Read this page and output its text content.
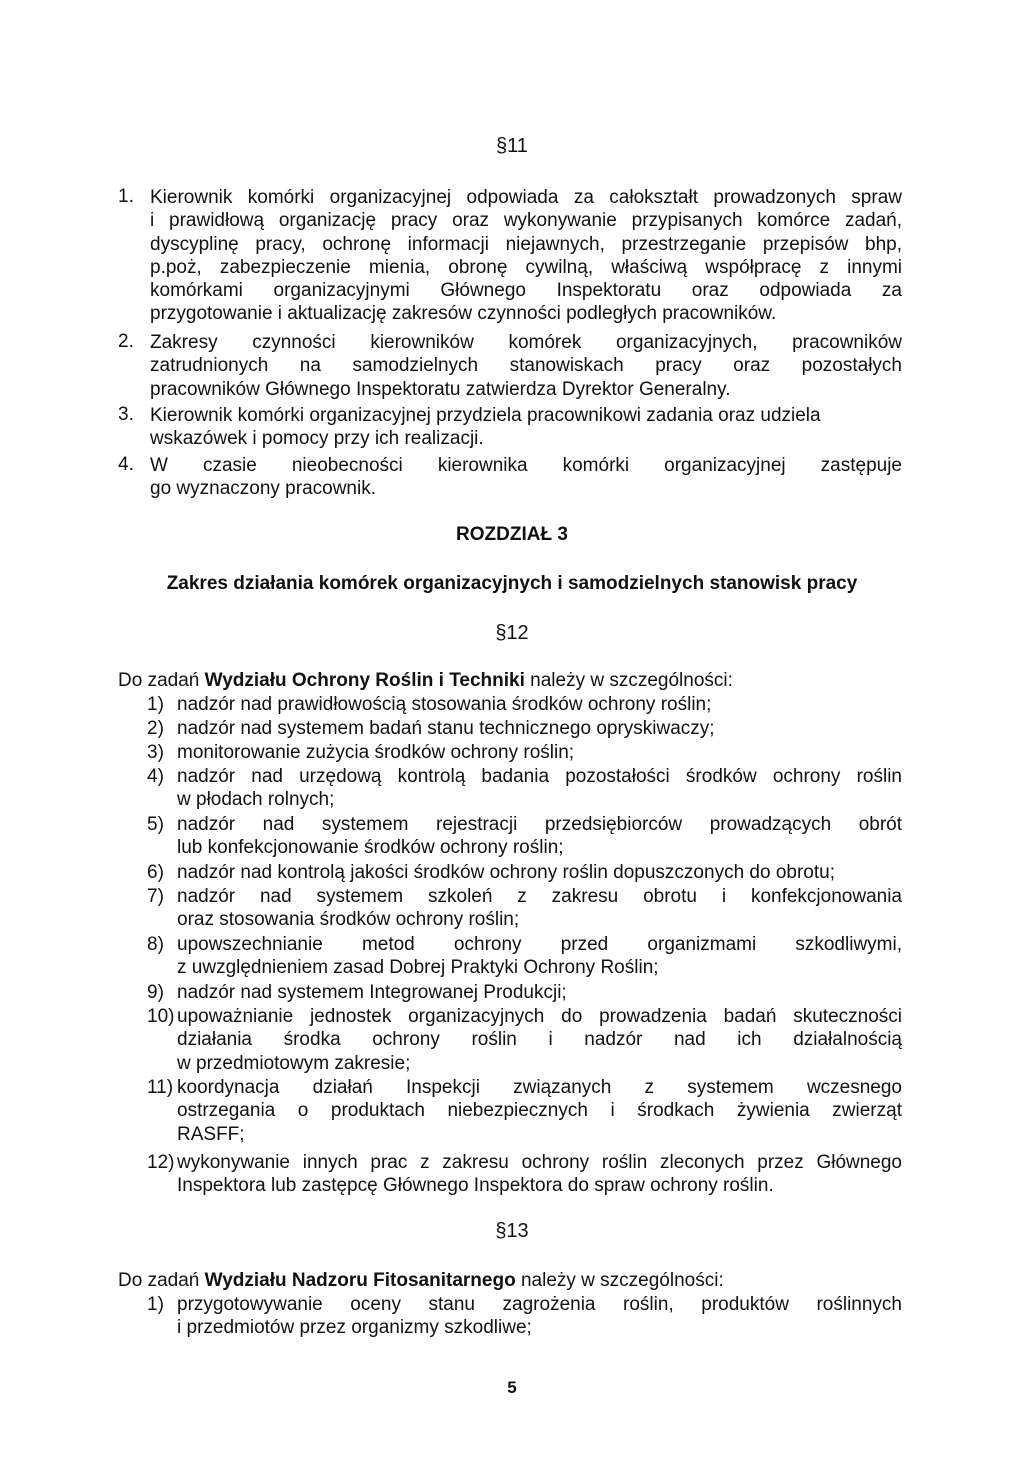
§11
1. Kierownik komórki organizacyjnej odpowiada za całokształt prowadzonych spraw
i prawidłową organizację pracy oraz wykonywanie przypisanych komórce zadań,
dyscyplinę pracy, ochronę informacji niejawnych, przestrzeganie przepisów bhp,
p.poż, zabezpieczenie mienia, obronę cywilną, właściwą współpracę z innymi
komórkami organizacyjnymi Głównego Inspektoratu oraz odpowiada za
przygotowanie i aktualizację zakresów czynności podległych pracowników.
2. Zakresy czynności kierowników komórek organizacyjnych, pracowników
zatrudnionych na samodzielnych stanowiskach pracy oraz pozostałych
pracowników Głównego Inspektoratu zatwierdza Dyrektor Generalny.
3. Kierownik komórki organizacyjnej przydziela pracownikowi zadania oraz udziela
wskazówek i pomocy przy ich realizacji.
4. W czasie nieobecności kierownika komórki organizacyjnej zastępuje
go wyznaczony pracownik.
ROZDZIAŁ 3
Zakres działania komórek organizacyjnych i samodzielnych stanowisk pracy
§12
Do zadań Wydziału Ochrony Roślin i Techniki należy w szczególności:
1) nadzór nad prawidłowością stosowania środków ochrony roślin;
2) nadzór nad systemem badań stanu technicznego opryskiwaczy;
3) monitorowanie zużycia środków ochrony roślin;
4) nadzór nad urzędową kontrolą badania pozostałości środków ochrony roślin
w płodach rolnych;
5) nadzór nad systemem rejestracji przedsiębiorców prowadzących obrót
lub konfekcjonowanie środków ochrony roślin;
6) nadzór nad kontrolą jakości środków ochrony roślin dopuszczonych do obrotu;
7) nadzór nad systemem szkoleń z zakresu obrotu i konfekcjonowania
oraz stosowania środków ochrony roślin;
8) upowszechnianie metod ochrony przed organizmami szkodliwymi,
z uwzględnieniem zasad Dobrej Praktyki Ochrony Roślin;
9) nadzór nad systemem Integrowanej Produkcji;
10) upoważnianie jednostek organizacyjnych do prowadzenia badań skuteczności
działania środka ochrony roślin i nadzór nad ich działalnością
w przedmiotowym zakresie;
11) koordynacja działań Inspekcji związanych z systemem wczesnego
ostrzegania o produktach niebezpiecznych i środkach żywienia zwierząt
RASFF;
12) wykonywanie innych prac z zakresu ochrony roślin zleconych przez Głównego
Inspektora lub zastępcę Głównego Inspektora do spraw ochrony roślin.
§13
Do zadań Wydziału Nadzoru Fitosanitarnego należy w szczególności:
1) przygotowywanie oceny stanu zagrożenia roślin, produktów roślinnych
i przedmiotów przez organizmy szkodliwe;
5
